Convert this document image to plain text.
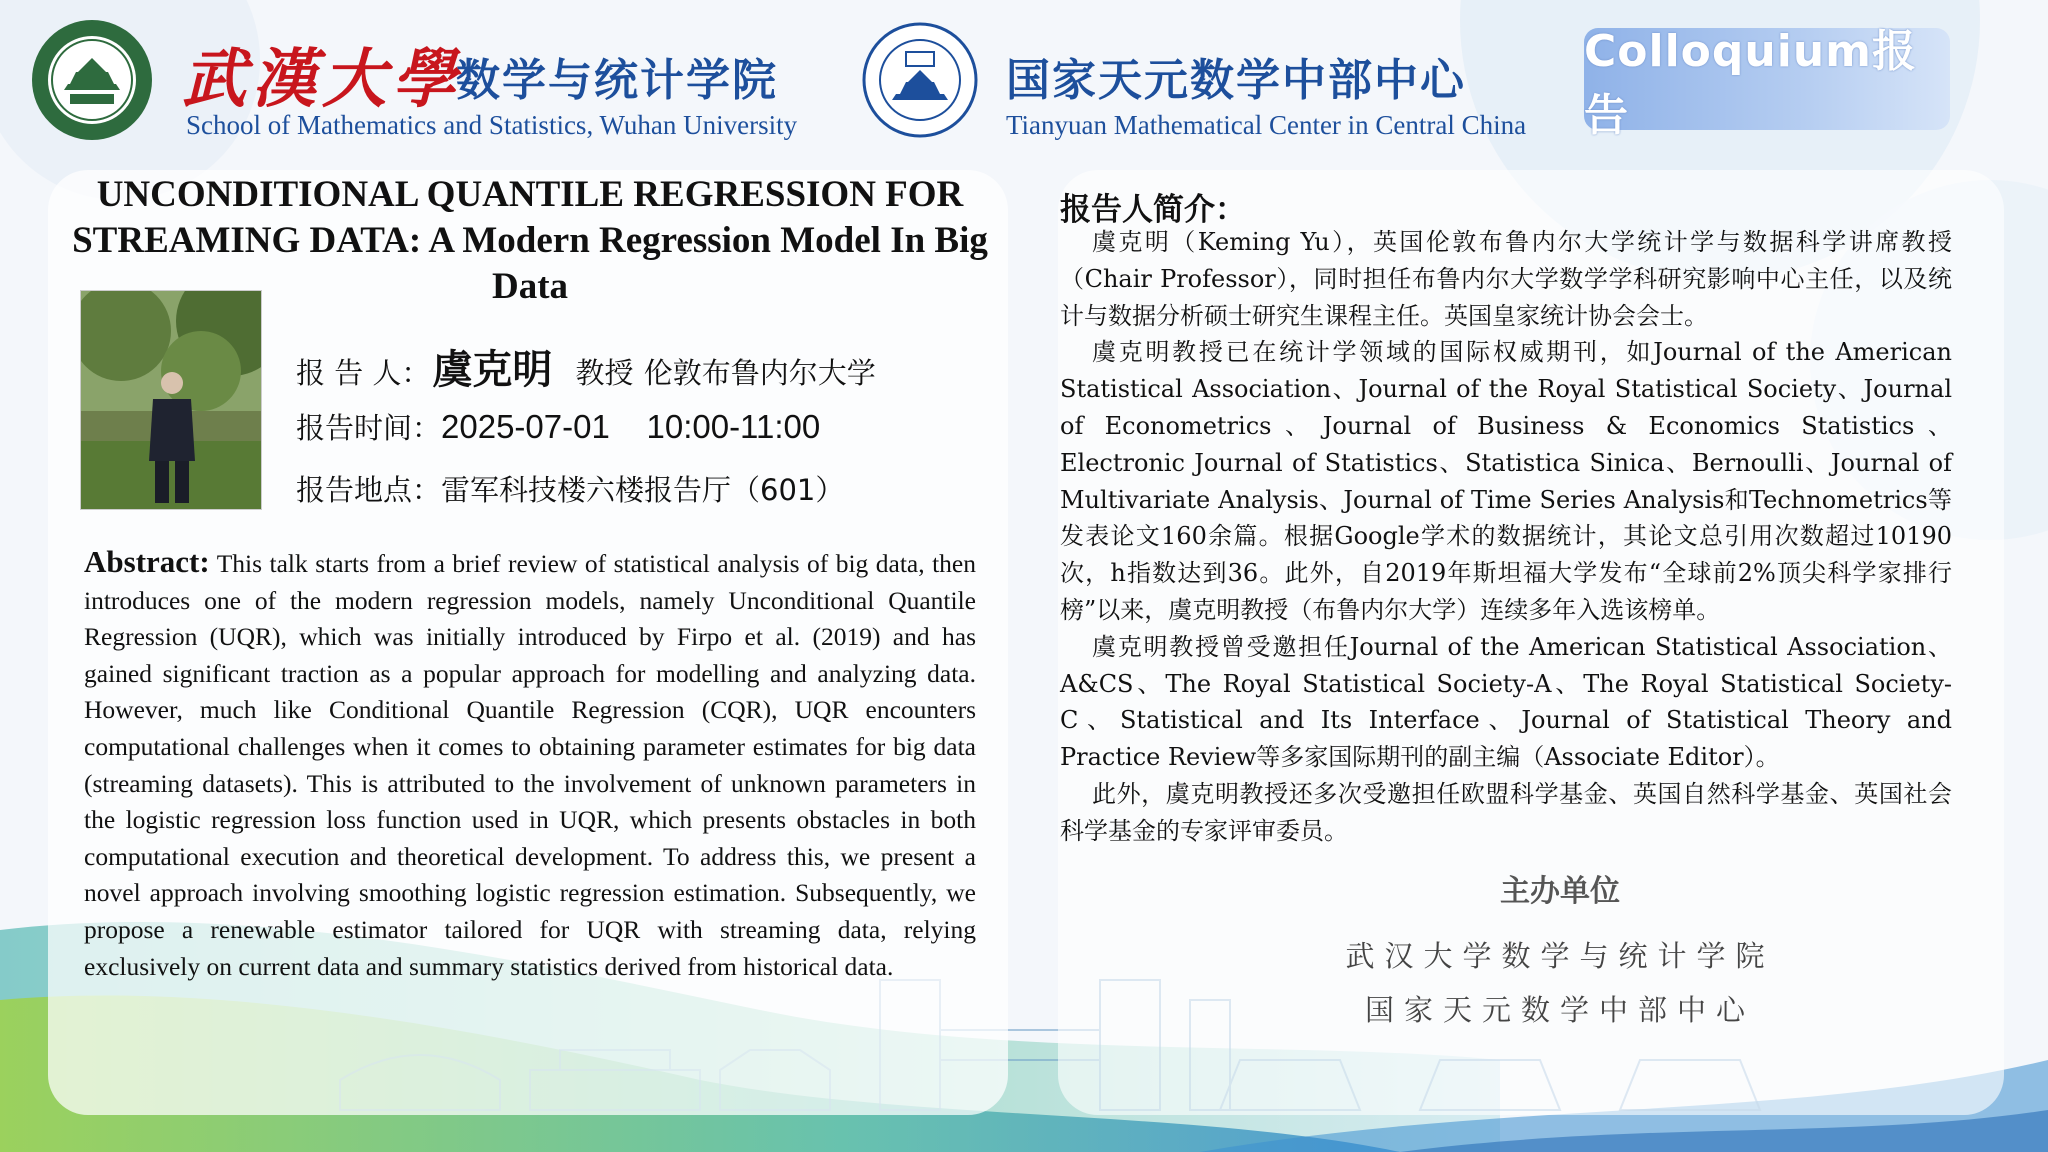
武漢大學
数学与统计学院
School of Mathematics and Statistics, Wuhan University
国家天元数学中部中心
Tianyuan Mathematical Center in Central China
Colloquium报告
UNCONDITIONAL QUANTILE REGRESSION FOR STREAMING DATA: A Modern Regression Model In Big Data
报 告 人：虞克明 教授 伦敦布鲁内尔大学
报告时间：2025-07-01    10:00-11:00
报告地点：雷军科技楼六楼报告厅（601）
Abstract: This talk starts from a brief review of statistical analysis of big data, then introduces one of the modern regression models, namely Unconditional Quantile Regression (UQR), which was initially introduced by Firpo et al. (2019) and has gained significant traction as a popular approach for modelling and analyzing data. However, much like Conditional Quantile Regression (CQR), UQR encounters computational challenges when it comes to obtaining parameter estimates for big data (streaming datasets). This is attributed to the involvement of unknown parameters in the logistic regression loss function used in UQR, which presents obstacles in both computational execution and theoretical development. To address this, we present a novel approach involving smoothing logistic regression estimation. Subsequently, we propose a renewable estimator tailored for UQR with streaming data, relying exclusively on current data and summary statistics derived from historical data.
报告人简介：

虞克明（Keming Yu），英国伦敦布鲁内尔大学统计学与数据科学讲席教授（Chair Professor），同时担任布鲁内尔大学数学学科研究影响中心主任，以及统计与数据分析硕士研究生课程主任。英国皇家统计协会会士。

虞克明教授已在统计学领域的国际权威期刊，如Journal of the American Statistical Association、Journal of the Royal Statistical Society、Journal of Econometrics、Journal of Business & Economics Statistics、Electronic Journal of Statistics、Statistica Sinica、Bernoulli、Journal of Multivariate Analysis、Journal of Time Series Analysis和Technometrics等发表论文160余篇。根据Google学术的数据统计，其论文总引用次数超过10190次，h指数达到36。此外，自2019年斯坦福大学发布“全球前2%顶尖科学家排行榜”以来，虞克明教授（布鲁内尔大学）连续多年入选该榜单。

虞克明教授曾受邀担任Journal of the American Statistical Association、A&CS、The Royal Statistical Society-A、The Royal Statistical Society-C、Statistical and Its Interface、Journal of Statistical Theory and Practice Review等多家国际期刊的副主编（Associate Editor）。

此外，虞克明教授还多次受邀担任欧盟科学基金、英国自然科学基金、英国社会科学基金的专家评审委员。

主办单位
武汉大学数学与统计学院
国家天元数学中部中心
